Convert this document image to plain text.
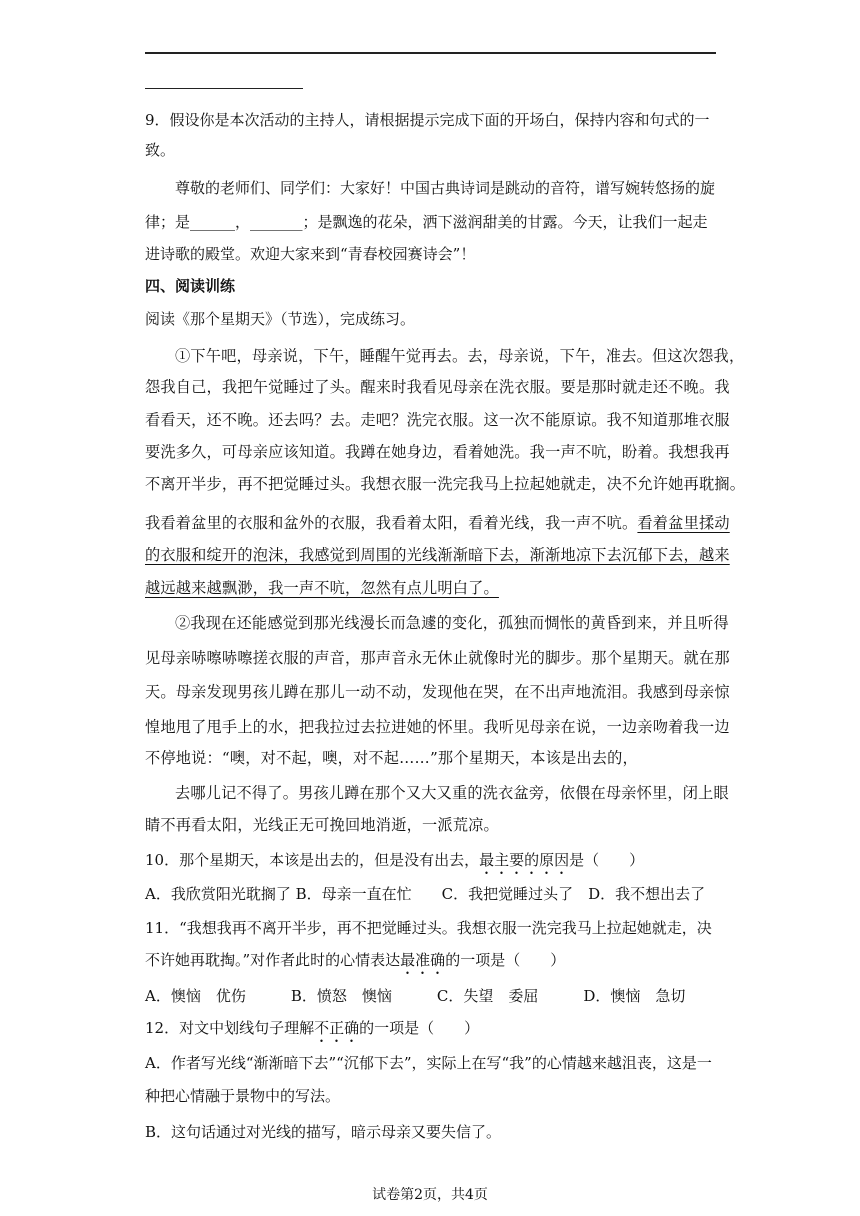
9．假设你是本次活动的主持人，请根据提示完成下面的开场白，保持内容和句式的一
致。
尊敬的老师们、同学们：大家好！中国古典诗词是跳动的音符，谱写婉转悠扬的旋
律；是______，_______；是飘逸的花朵，洒下滋润甜美的甘露。今天，让我们一起走
进诗歌的殿堂。欢迎大家来到“青春校园赛诗会”！
四、阅读训练
阅读《那个星期天》（节选），完成练习。
①下午吧，母亲说，下午，睡醒午觉再去。去，母亲说，下午，准去。但这次怨我，
怨我自己，我把午觉睡过了头。醒来时我看见母亲在洗衣服。要是那时就走还不晚。我
看看天，还不晚。还去吗？去。走吧？洗完衣服。这一次不能原谅。我不知道那堆衣服
要洗多久，可母亲应该知道。我蹲在她身边，看着她洗。我一声不吭，盼着。我想我再
不离开半步，再不把觉睡过头。我想衣服一洗完我马上拉起她就走，决不允许她再耽搁。
我看着盆里的衣服和盆外的衣服，我看着太阳，看着光线，我一声不吭。看着盆里揉动
的衣服和绽开的泡沫，我感觉到周围的光线渐渐暗下去，渐渐地凉下去沉郁下去，越来
越远越来越飘渺，我一声不吭，忽然有点儿明白了。
②我现在还能感觉到那光线漫长而急遽的变化，孤独而惆怅的黄昏到来，并且听得
见母亲哧嚓哧嚓搓衣服的声音，那声音永无休止就像时光的脚步。那个星期天。就在那
天。母亲发现男孩儿蹲在那儿一动不动，发现他在哭，在不出声地流泪。我感到母亲惊
惶地甩了甩手上的水，把我拉过去拉进她的怀里。我听见母亲在说，一边亲吻着我一边
不停地说：“噢，对不起，噢，对不起……”那个星期天，本该是出去的，
去哪儿记不得了。男孩儿蹲在那个又大又重的洗衣盆旁，依偎在母亲怀里，闭上眼
睛不再看太阳，光线正无可挽回地消逝，一派荒凉。
10．那个星期天，本该是出去的，但是没有出去，最主要的原因是（　　）
A．我欣赏阳光耽搁了 B．母亲一直在忙　　C．我把觉睡过头了　D．我不想出去了
11．“我想我再不离开半步，再不把觉睡过头。我想衣服一洗完我马上拉起她就走，决
不许她再耽掏。”对作者此时的心情表达最准确的一项是（　　）
A．懊恼　优伤　　　B．愤怒　懊恼　　　C．失望　委屈　　　D．懊恼　急切
12．对文中划线句子理解不正确的一项是（　　）
A．作者写光线“渐渐暗下去”“沉郁下去”，实际上在写“我”的心情越来越沮丧，这是一
种把心情融于景物中的写法。
B．这句话通过对光线的描写，暗示母亲又要失信了。
试卷第2页，共4页
